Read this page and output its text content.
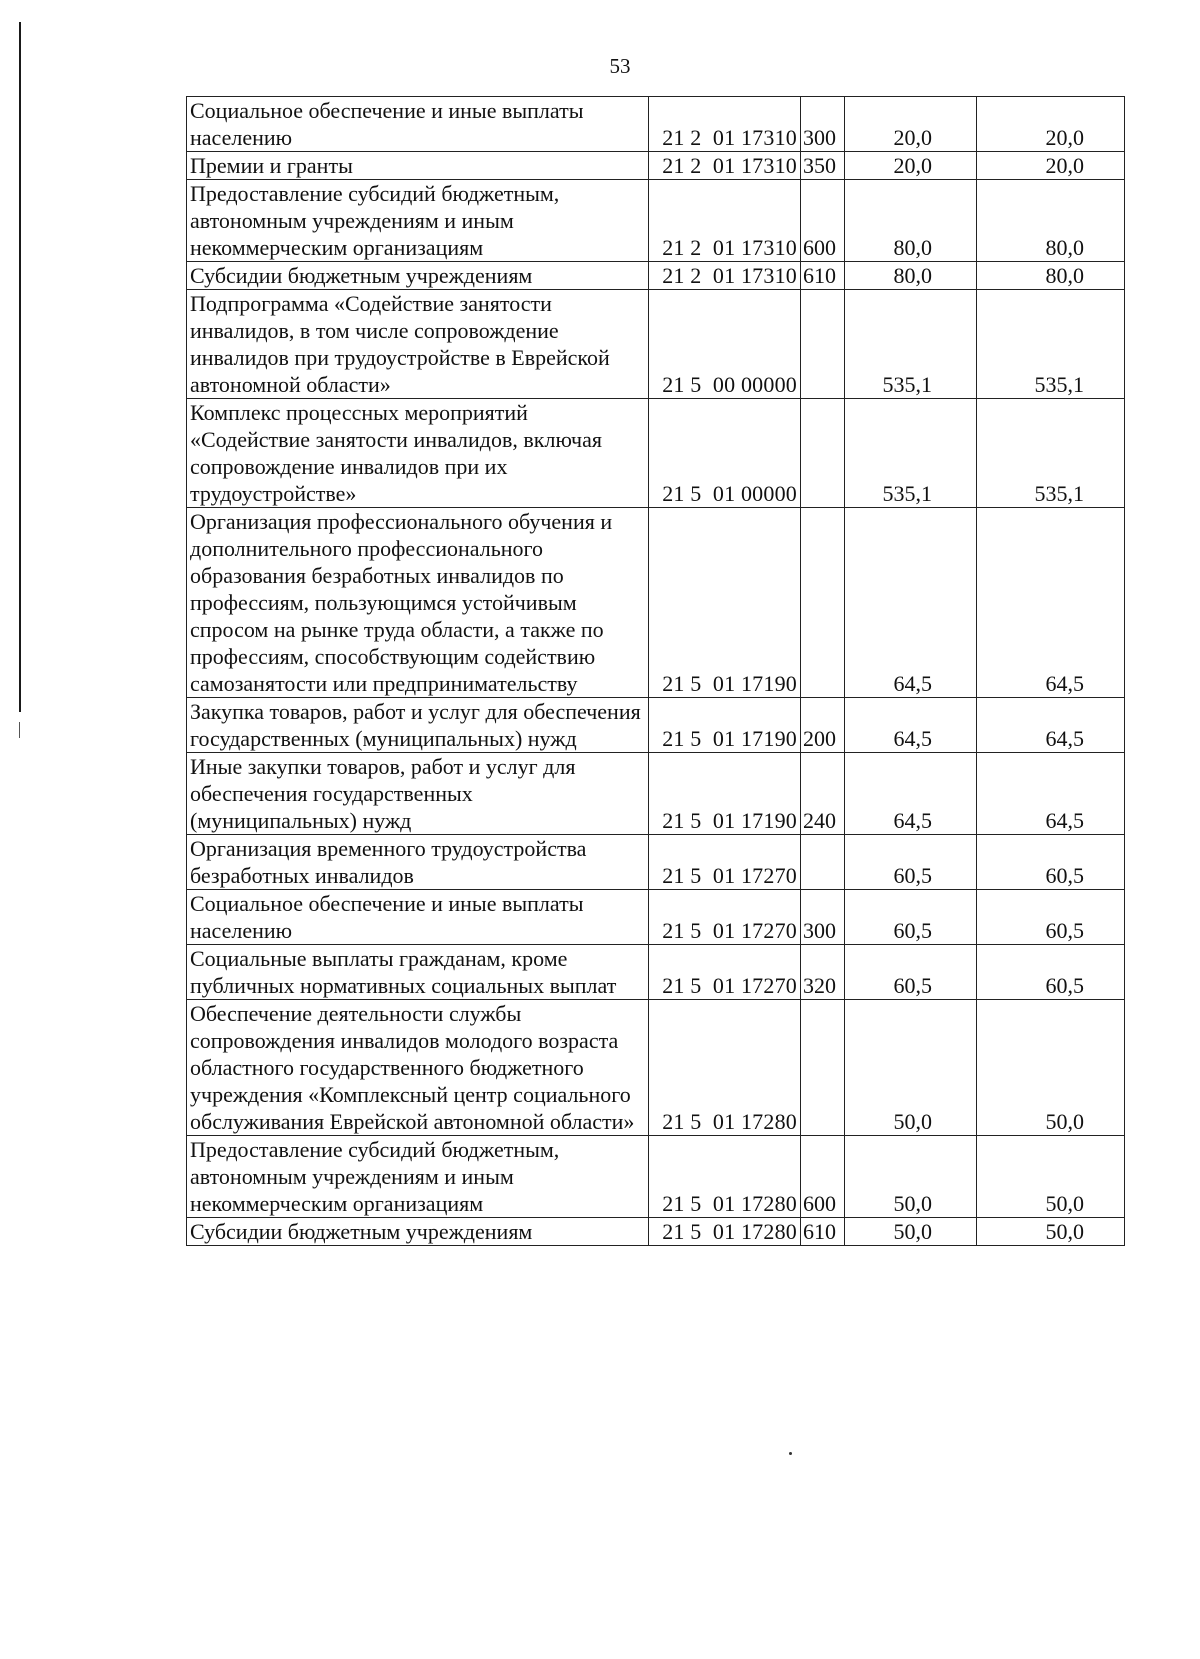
53
Социальное обеспечение и иные выплаты населению	21 2  01 17310	300	20,0	20,0
Премии и гранты	21 2  01 17310	350	20,0	20,0
Предоставление субсидий бюджетным, автономным учреждениям и иным некоммерческим организациям	21 2  01 17310	600	80,0	80,0
Субсидии бюджетным учреждениям	21 2  01 17310	610	80,0	80,0
Подпрограмма «Содействие занятости инвалидов, в том числе сопровождение инвалидов при трудоустройстве в Еврейской автономной области»	21 5  00 00000		535,1	535,1
Комплекс процессных мероприятий «Содействие занятости инвалидов, включая сопровождение инвалидов при их трудоустройстве»	21 5  01 00000		535,1	535,1
Организация профессионального обучения и дополнительного профессионального образования безработных инвалидов по профессиям, пользующимся устойчивым спросом на рынке труда области, а также по профессиям, способствующим содействию самозанятости или предпринимательству	21 5  01 17190		64,5	64,5
Закупка товаров, работ и услуг для обеспечения государственных (муниципальных) нужд	21 5  01 17190	200	64,5	64,5
Иные закупки товаров, работ и услуг для обеспечения государственных (муниципальных) нужд	21 5  01 17190	240	64,5	64,5
Организация временного трудоустройства безработных инвалидов	21 5  01 17270		60,5	60,5
Социальное обеспечение и иные выплаты населению	21 5  01 17270	300	60,5	60,5
Социальные выплаты гражданам, кроме публичных нормативных социальных выплат	21 5  01 17270	320	60,5	60,5
Обеспечение деятельности службы сопровождения инвалидов молодого возраста областного государственного бюджетного учреждения «Комплексный центр социального обслуживания Еврейской автономной области»	21 5  01 17280		50,0	50,0
Предоставление субсидий бюджетным, автономным учреждениям и иным некоммерческим организациям	21 5  01 17280	600	50,0	50,0
Субсидии бюджетным учреждениям	21 5  01 17280	610	50,0	50,0
